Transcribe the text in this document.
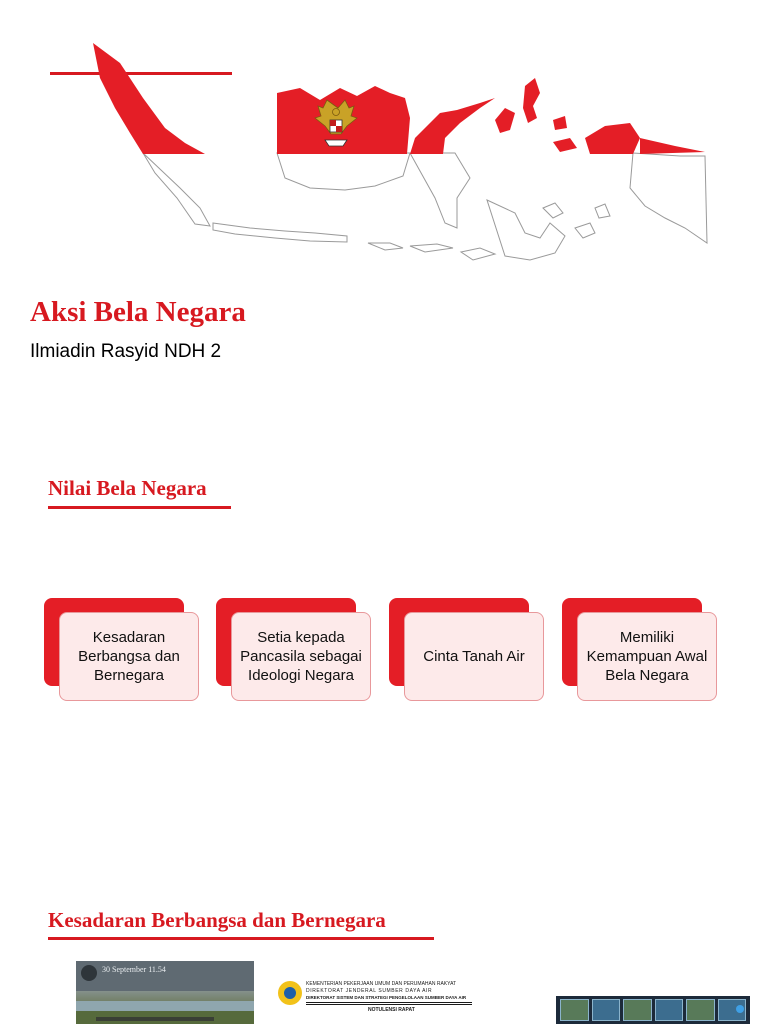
Aksi Bela Negara

Ilmiadin Rasyid NDH 2

Nilai Bela Negara
Kesadaran Berbangsa dan Bernegara
Setia kepada Pancasila sebagai Ideologi Negara
Cinta Tanah Air
Memiliki Kemampuan Awal Bela Negara
Kesadaran Berbangsa dan Bernegara
30 September 11.54
KEMENTERIAN PEKERJAAN UMUM DAN PERUMAHAN RAKYAT
DIREKTORAT JENDERAL SUMBER DAYA AIR
DIREKTORAT SISTEM DAN STRATEGI PENGELOLAAN SUMBER DAYA AIR
NOTULENSI RAPAT
